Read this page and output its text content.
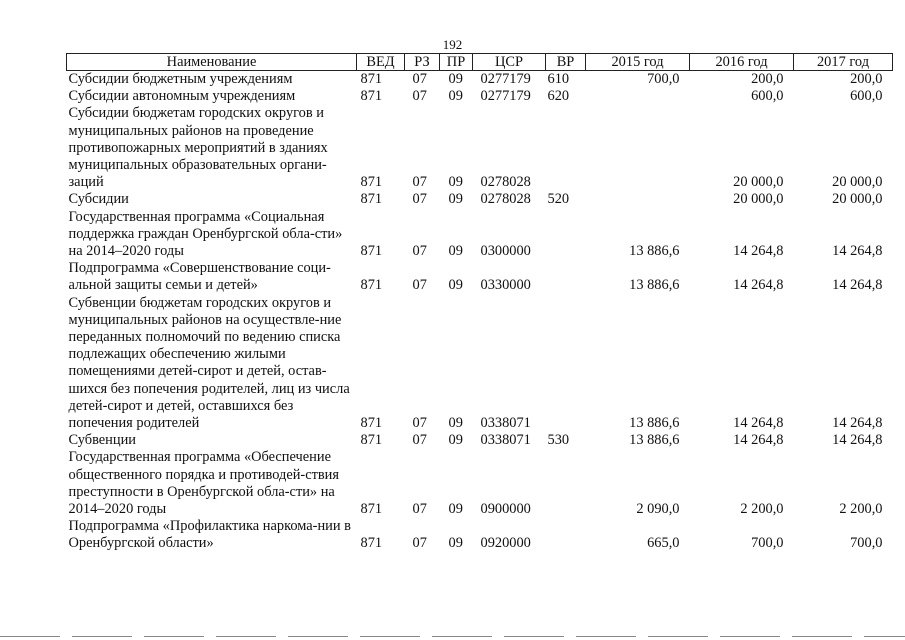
192
Наименование	ВЕД	РЗ	ПР	ЦСР	ВР	2015 год	2016 год	2017 год
Субсидии бюджетным учреждениям	871	07	09	0277179	610	700,0	200,0	200,0
Субсидии автономным учреждениям	871	07	09	0277179	620		600,0	600,0
Субсидии бюджетам городских округов и муниципальных районов на проведение противопожарных мероприятий в зданиях муниципальных образовательных органи-заций	871	07	09	0278028			20 000,0	20 000,0
Субсидии	871	07	09	0278028	520		20 000,0	20 000,0
Государственная программа «Социальная поддержка граждан Оренбургской обла-сти» на 2014–2020 годы	871	07	09	0300000		13 886,6	14 264,8	14 264,8
Подпрограмма «Совершенствование соци-альной защиты семьи и детей»	871	07	09	0330000		13 886,6	14 264,8	14 264,8
Субвенции бюджетам городских округов и муниципальных районов на осуществле-ние переданных полномочий по ведению списка подлежащих обеспечению жилыми помещениями детей-сирот и детей, остав-шихся без попечения родителей, лиц из числа детей-сирот и детей, оставшихся без попечения родителей	871	07	09	0338071		13 886,6	14 264,8	14 264,8
Субвенции	871	07	09	0338071	530	13 886,6	14 264,8	14 264,8
Государственная программа «Обеспечение общественного порядка и противодей-ствия преступности в Оренбургской обла-сти» на 2014–2020 годы	871	07	09	0900000		2 090,0	2 200,0	2 200,0
Подпрограмма «Профилактика наркома-нии в Оренбургской области»	871	07	09	0920000		665,0	700,0	700,0
